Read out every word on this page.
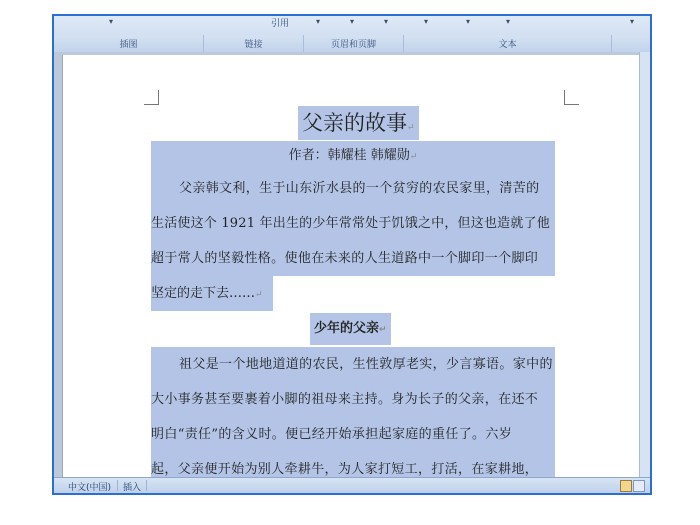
▾	引用	▾	▾	▾	▾	▾	▾	▾
插图	链接	页眉和页脚	文本
父亲的故事↵
作者：韩耀桂 韩耀勋↵
父亲韩文利，生于山东沂水县的一个贫穷的农民家里，清苦的
生活使这个 1921 年出生的少年常常处于饥饿之中，但这也造就了他
超于常人的坚毅性格。使他在未来的人生道路中一个脚印一个脚印
坚定的走下去……↵
少年的父亲↵
祖父是一个地地道道的农民，生性敦厚老实，少言寡语。家中的
大小事务甚至要裹着小脚的祖母来主持。身为长子的父亲，在还不
明白“责任”的含义时。便已经开始承担起家庭的重任了。六岁
起，父亲便开始为别人牵耕牛，为人家打短工，打活，在家耕地，
中文(中国) 插入
